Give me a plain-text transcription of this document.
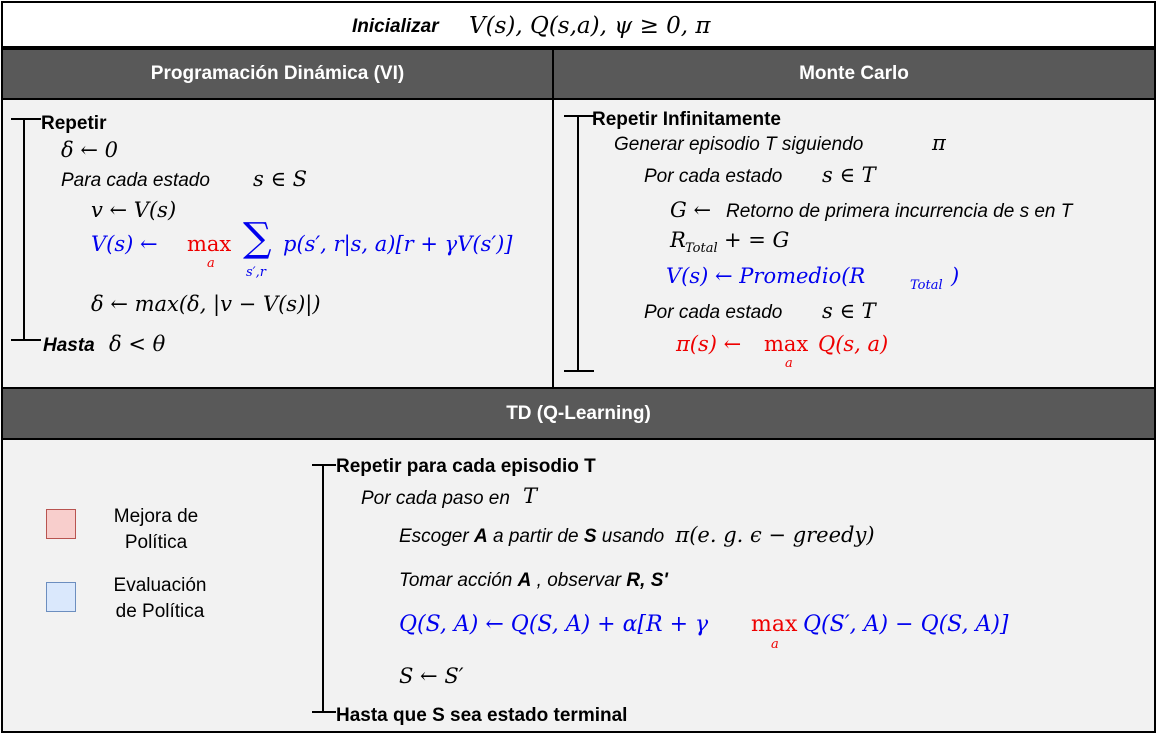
Inicializar V(s), Q(s,a), ψ ≥ 0, π
Programación Dinámica (VI)	Monte Carlo
Repetir
δ ← 0
Para cada estado s ∈ S
v ← V(s)
V(s) ← max
a
∑
s′,r
p(s′, r|s, a)[r + γV(s′)]
δ ← max(δ, |v − V(s)|)
Hasta δ < θ
Repetir Infinitamente
Generar episodio T siguiendo	π
Por cada estado s ∈ T
G ← Retorno de primera incurrencia de s en T
R Total + = G
V(s) ← Promedio(R	Total )
Por cada estado s ∈ T
π(s) ← max
a
Q(s, a)
TD (Q-Learning)
Mejora de
Política
Evaluación
de Política
Repetir para cada episodio T
Por cada paso en T
Escoger A a partir de S usando π(e. g. ϵ − greedy)
Tomar acción A , observar R, S'
Q(S, A) ← Q(S, A) + α[R + γ max
a
Q(S′, A) − Q(S, A)]
S ← S′
Hasta que S sea estado terminal
